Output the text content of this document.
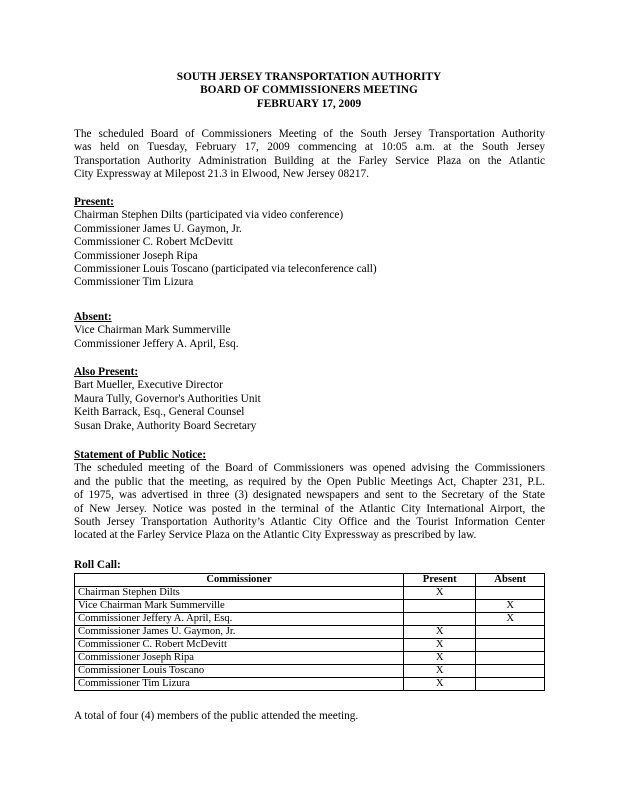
SOUTH JERSEY TRANSPORTATION AUTHORITY
BOARD OF COMMISSIONERS MEETING
FEBRUARY 17, 2009
The scheduled Board of Commissioners Meeting of the South Jersey Transportation Authority
was held on Tuesday, February 17, 2009 commencing at 10:05 a.m. at the South Jersey
Transportation Authority Administration Building at the Farley Service Plaza on the Atlantic
City Expressway at Milepost 21.3 in Elwood, New Jersey 08217.
Present:
Chairman Stephen Dilts (participated via video conference)
Commissioner James U. Gaymon, Jr.
Commissioner C. Robert McDevitt
Commissioner Joseph Ripa
Commissioner Louis Toscano (participated via teleconference call)
Commissioner Tim Lizura
Absent:
Vice Chairman Mark Summerville
Commissioner Jeffery A. April, Esq.
Also Present:
Bart Mueller, Executive Director
Maura Tully, Governor's Authorities Unit
Keith Barrack, Esq., General Counsel
Susan Drake, Authority Board Secretary
Statement of Public Notice:
The scheduled meeting of the Board of Commissioners was opened advising the Commissioners
and the public that the meeting, as required by the Open Public Meetings Act, Chapter 231, P.L.
of 1975, was advertised in three (3) designated newspapers and sent to the Secretary of the State
of New Jersey. Notice was posted in the terminal of the Atlantic City International Airport, the
South Jersey Transportation Authority’s Atlantic City Office and the Tourist Information Center
located at the Farley Service Plaza on the Atlantic City Expressway as prescribed by law.
Roll Call:
Commissioner	Present	Absent
Chairman Stephen Dilts	X	
Vice Chairman Mark Summerville		X
Commissioner Jeffery A. April, Esq.		X
Commissioner James U. Gaymon, Jr.	X	
Commissioner C. Robert McDevitt	X	
Commissioner Joseph Ripa	X	
Commissioner Louis Toscano	X	
Commissioner Tim Lizura	X	
A total of four (4) members of the public attended the meeting.
